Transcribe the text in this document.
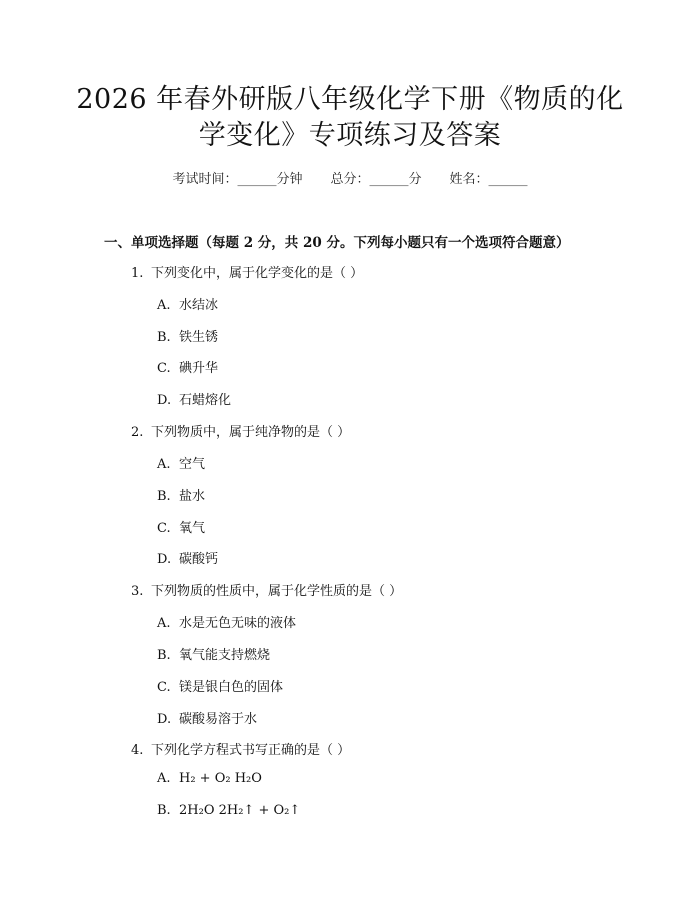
2026 年春外研版八年级化学下册《物质的化
学变化》专项练习及答案
考试时间：______分钟 总分：______分 姓名：______
一、单项选择题（每题 2 分，共 20 分。下列每小题只有一个选项符合题意）
1. 下列变化中，属于化学变化的是（ ）
A. 水结冰
B. 铁生锈
C. 碘升华
D. 石蜡熔化
2. 下列物质中，属于纯净物的是（ ）
A. 空气
B. 盐水
C. 氧气
D. 碳酸钙
3. 下列物质的性质中，属于化学性质的是（ ）
A. 水是无色无味的液体
B. 氧气能支持燃烧
C. 镁是银白色的固体
D. 碳酸易溶于水
4. 下列化学方程式书写正确的是（ ）
A. H₂ + O₂ H₂O
B. 2H₂O 2H₂↑ + O₂↑
